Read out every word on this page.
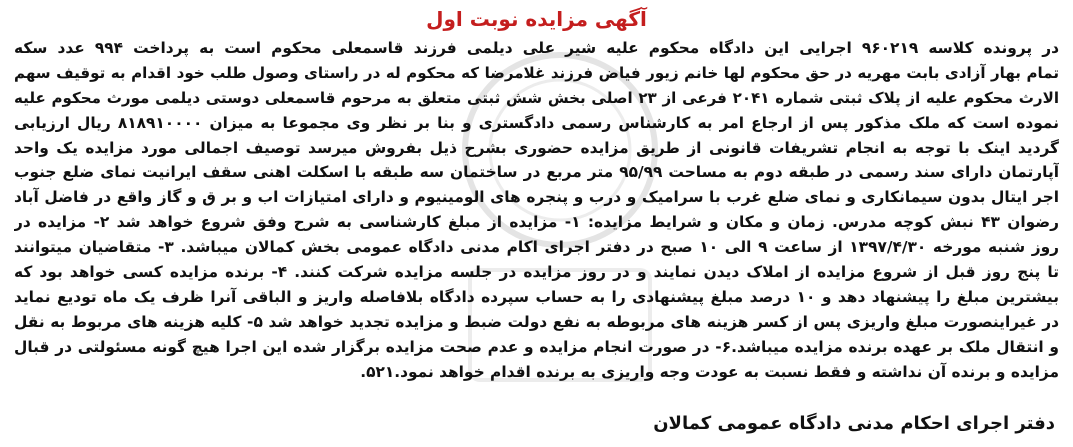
آگهی مزایده نوبت اول
در پرونده کلاسه ۹۶۰۲۱۹ اجرایی این دادگاه محکوم علیه شیر علی دیلمی فرزند قاسمعلی محکوم است به پرداخت ۹۹۴ عدد سکه
تمام بهار آزادی بابت مهریه در حق محکوم لها خانم زیور فیاض فرزند غلامرضا که محکوم له در راستای وصول طلب خود اقدام به توقیف سهم
الارث محکوم علیه از پلاک ثبتی شماره ۲۰۴۱ فرعی از ۲۳ اصلی بخش شش ثبتی متعلق به مرحوم قاسمعلی دوستی دیلمی مورث محکوم علیه
نموده است که ملک مذکور پس از ارجاع امر به کارشناس رسمی دادگستری و بنا بر نظر وی مجموعا به میزان ۸۱۸۹۱۰۰۰۰ ریال ارزیابی
گردید اینک با توجه به انجام تشریفات قانونی از طریق مزایده حضوری بشرح ذیل بفروش میرسد توصیف اجمالی مورد مزایده یک واحد
آپارتمان دارای سند رسمی در طبقه دوم به مساحت ۹۵/۹۹ متر مربع در ساختمان سه طبقه با اسکلت اهنی سقف ایرانیت نمای ضلع جنوب
اجر ایتال بدون سیمانکاری و نمای ضلع غرب با سرامیک و درب و پنجره های الومینیوم و دارای امتیازات اب و بر ق و گاز واقع در فاضل آباد
رضوان ۴۳ نبش کوچه مدرس. زمان و مکان و شرایط مزایده: ۱- مزایده از مبلغ کارشناسی به شرح وفق شروع خواهد شد ۲- مزایده در
روز شنبه مورخه ۱۳۹۷/۴/۳۰ از ساعت ۹ الی ۱۰ صبح در دفتر اجرای اکام مدنی دادگاه عمومی بخش کمالان میباشد. ۳- متقاضیان میتوانند
تا پنج روز قبل از شروع مزایده از املاک دیدن نمایند و در روز مزایده در جلسه مزایده شرکت کنند. ۴- برنده مزایده کسی خواهد بود که
بیشترین مبلغ را پیشنهاد دهد و ۱۰ درصد مبلغ پیشنهادی را به حساب سپرده دادگاه بلافاصله واریز و الباقی آنرا ظرف یک ماه تودیع نماید
در غیراینصورت مبلغ واریزی پس از کسر هزینه های مربوطه به نفع دولت ضبط و مزایده تجدید خواهد شد ۵- کلیه هزینه های مربوط به نقل
و انتقال ملک بر عهده برنده مزایده میباشد.۶- در صورت انجام مزایده و عدم صحت مزایده برگزار شده این اجرا هیچ گونه مسئولتی در قبال
مزایده و برنده آن نداشته و فقط نسبت به عودت وجه واریزی به برنده اقدام خواهد نمود.۵۲۱.
دفتر اجرای احکام مدنی دادگاه عمومی کمالان
